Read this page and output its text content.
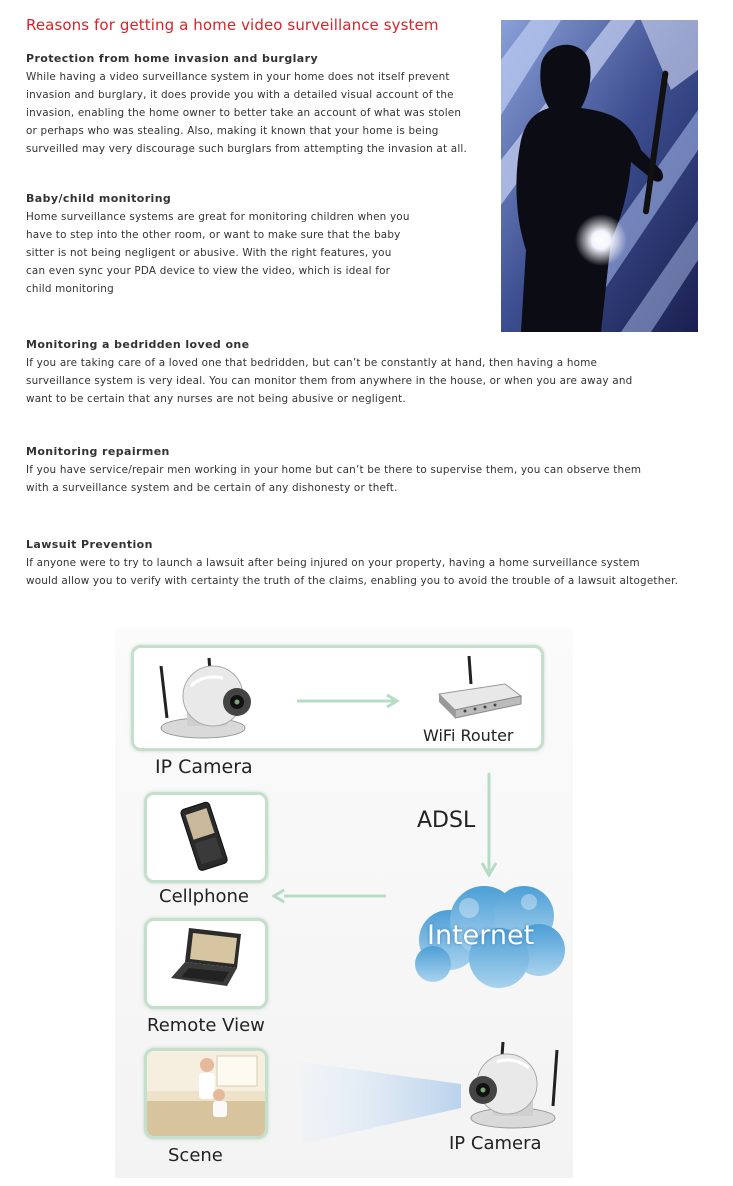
Reasons for getting a home video surveillance system
Protection from home invasion and burglary

While having a video surveillance system in your home does not itself prevent

invasion and burglary, it does provide you with a detailed visual account of the

invasion, enabling the home owner to better take an account of what was stolen

or perhaps who was stealing. Also, making it known that your home is being

surveilled may very discourage such burglars from attempting the invasion at all.

Baby/child monitoring

Home surveillance systems are great for monitoring children when you

have to step into the other room, or want to make sure that the baby

sitter is not being negligent or abusive. With the right features, you

can even sync your PDA device to view the video, which is ideal for

child monitoring

Monitoring a bedridden loved one

If you are taking care of a loved one that bedridden, but can’t be constantly at hand, then having a home

surveillance system is very ideal. You can monitor them from anywhere in the house, or when you are away and

want to be certain that any nurses are not being abusive or negligent.

Monitoring repairmen

If you have service/repair men working in your home but can’t be there to supervise them, you can observe them

with a surveillance system and be certain of any dishonesty or theft.

Lawsuit Prevention

If anyone were to try to launch a lawsuit after being injured on your property, having a home surveillance system

would allow you to verify with certainty the truth of the claims, enabling you to avoid the trouble of a lawsuit altogether.

WiFi Router
IP Camera
ADSL
Cellphone
Internet
Remote View
Scene
IP Camera
